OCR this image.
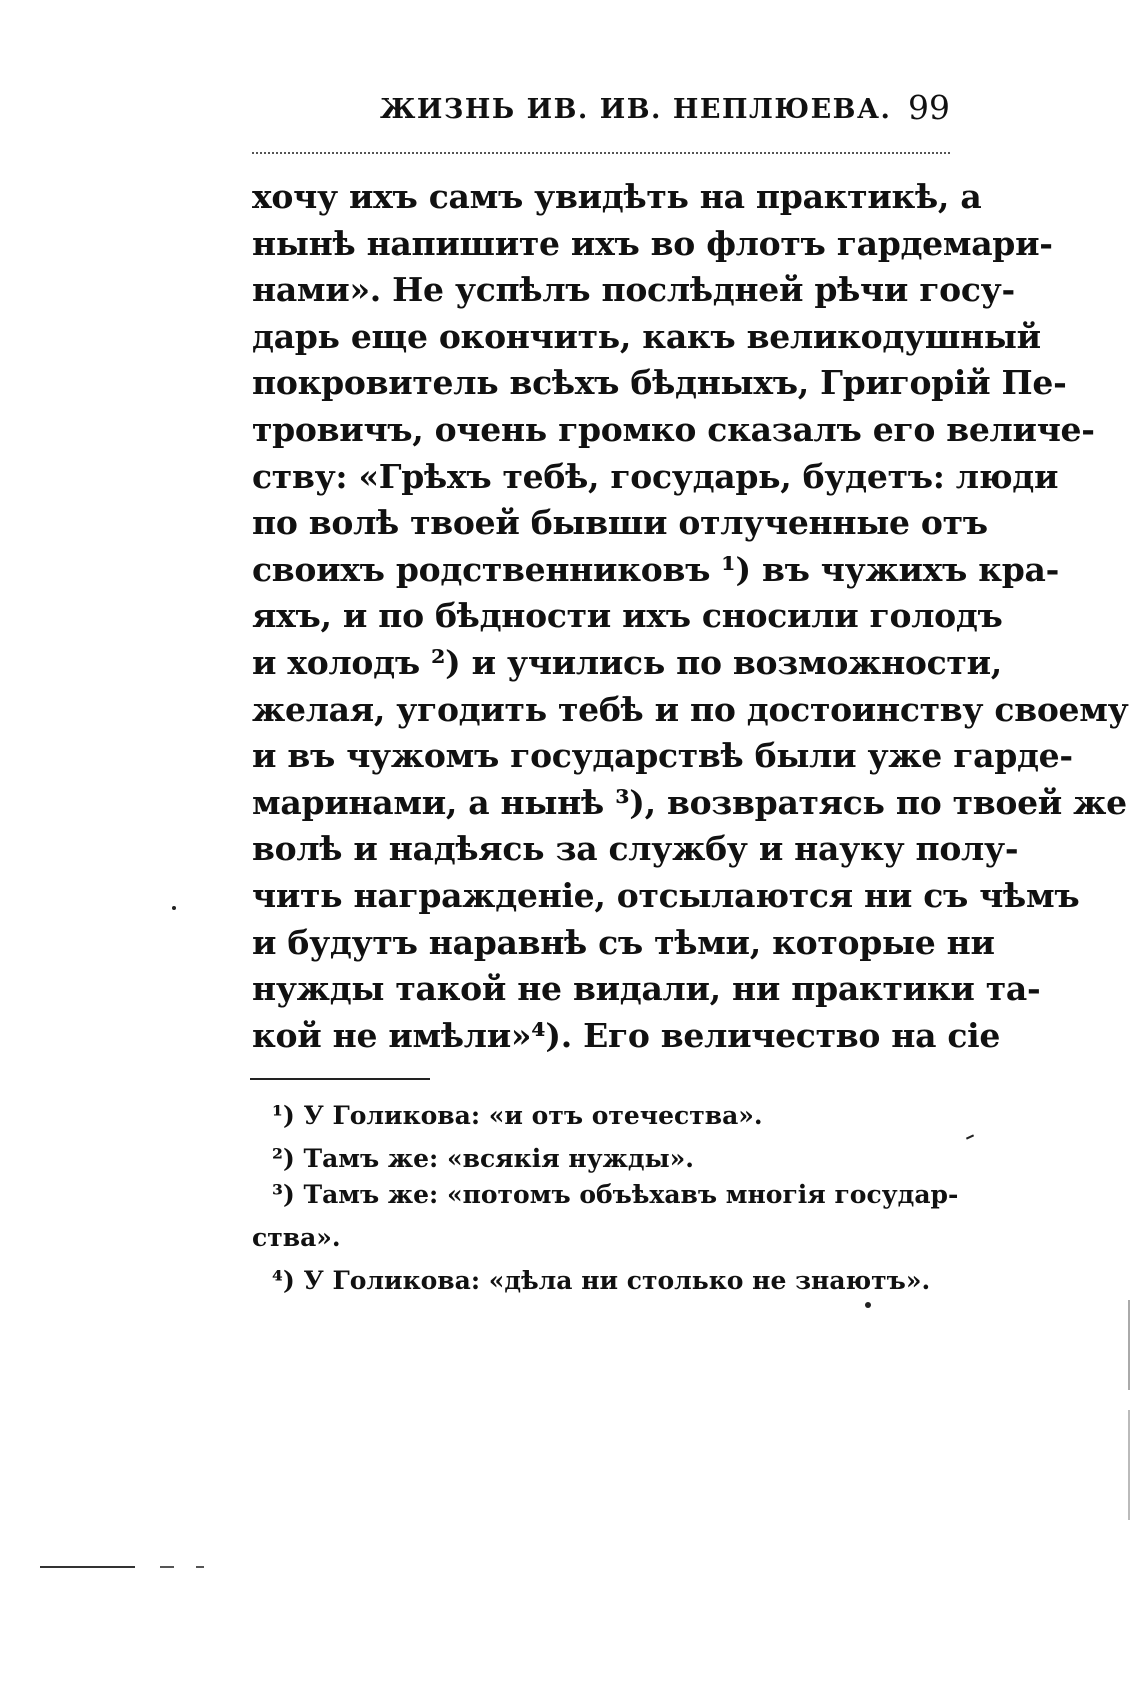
ЖИЗНЬ ИВ. ИВ. НЕПЛЮЕВА. 99
хочу ихъ самъ увидѣть на практикѣ, а
нынѣ напишите ихъ во флотъ гардемари-
нами». Не успѣлъ послѣдней рѣчи госу-
дарь еще окончить, какъ великодушный
покровитель всѣхъ бѣдныхъ, Григорій Пе-
тровичъ, очень громко сказалъ его величе-
ству: «Грѣхъ тебѣ, государь, будетъ: люди
по волѣ твоей бывши отлученные отъ
своихъ родственниковъ ¹) въ чужихъ кра-
яхъ, и по бѣдности ихъ сносили голодъ
и холодъ ²) и учились по возможности,
желая, угодить тебѣ и по достоинству своему
и въ чужомъ государствѣ были уже гарде-
маринами, а нынѣ ³), возвратясь по твоей же
волѣ и надѣясь за службу и науку полу-
чить награжденіе, отсылаются ни съ чѣмъ
и будутъ наравнѣ съ тѣми, которые ни
нужды такой не видали, ни практики та-
кой не имѣли»⁴). Его величество на сіе
¹) У Голикова: «и отъ отечества».
²) Тамъ же: «всякія нужды».
³) Тамъ же: «потомъ объѣхавъ многія государ-
ства».
⁴) У Голикова: «дѣла ни столько не знаютъ».
